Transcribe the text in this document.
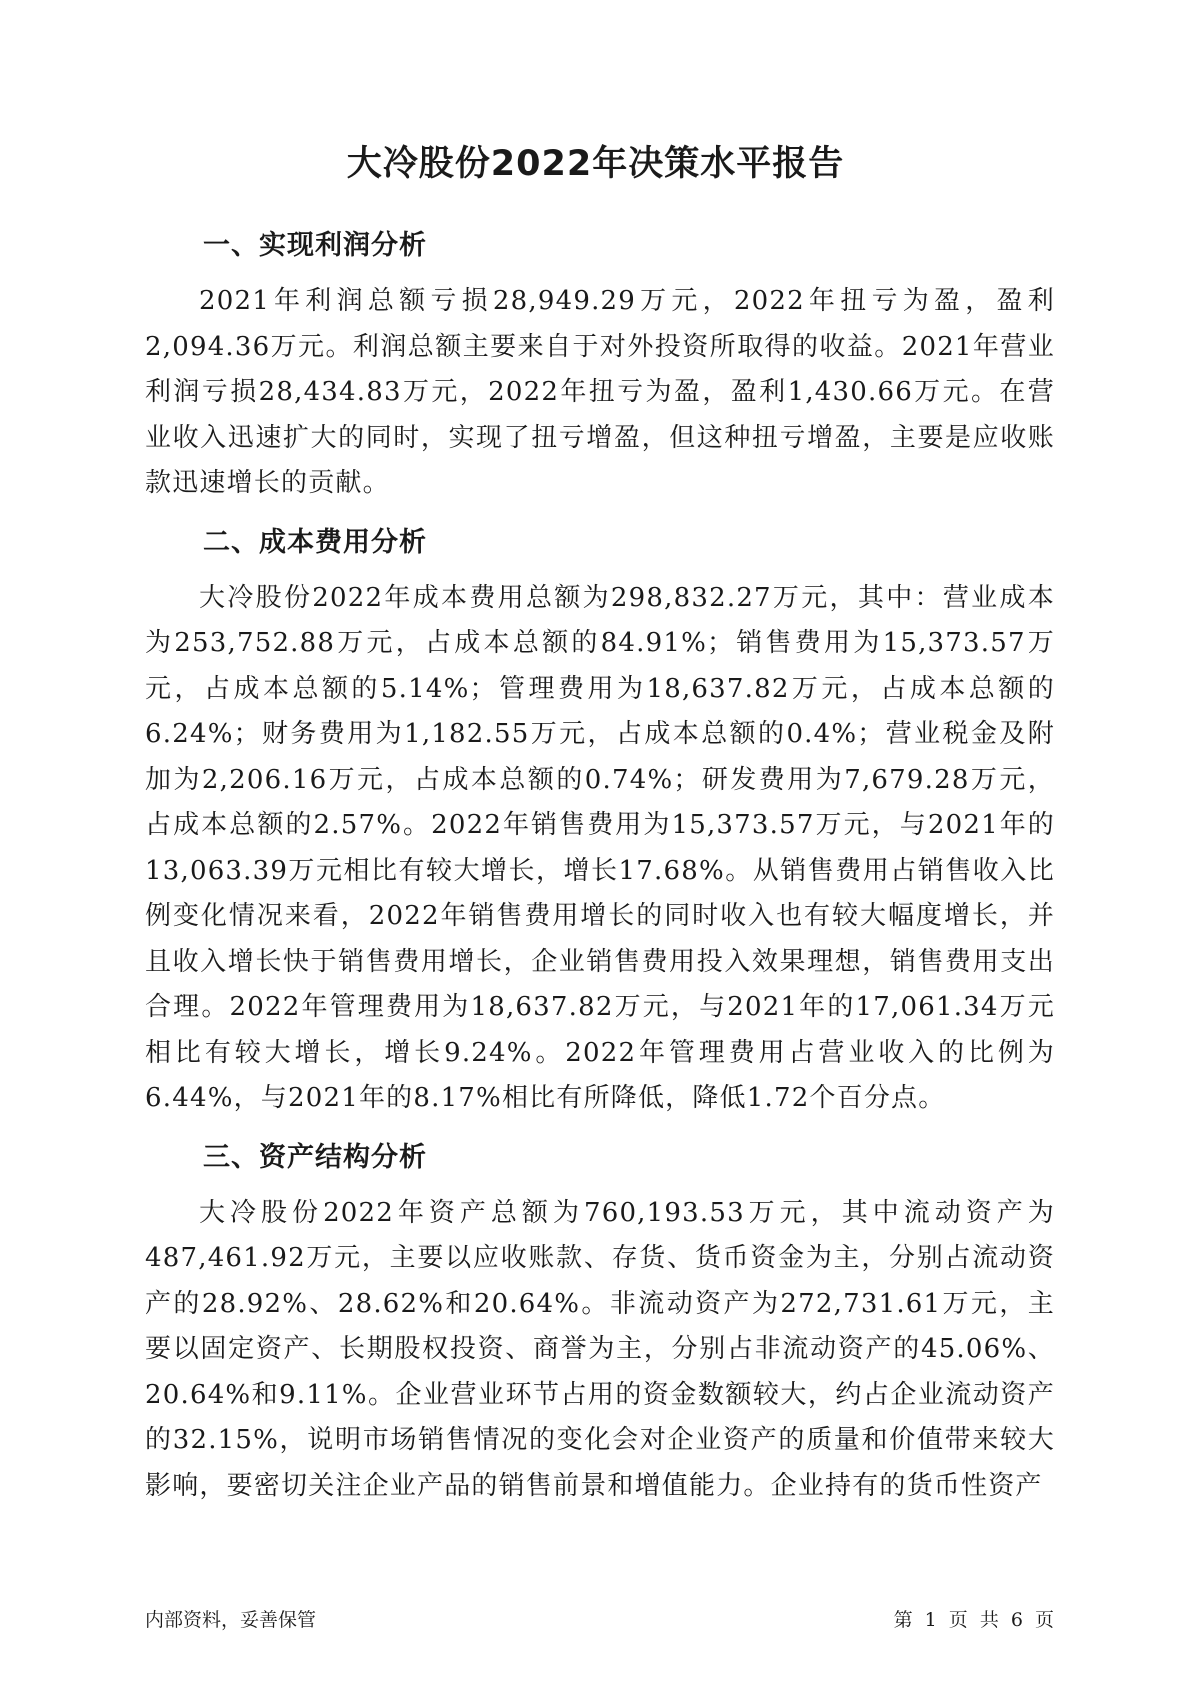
大冷股份2022年决策水平报告
一、实现利润分析

2021年利润总额亏损28,949.29万元，2022年扭亏为盈，盈利2,094.36万元。利润总额主要来自于对外投资所取得的收益。2021年营业利润亏损28,434.83万元，2022年扭亏为盈，盈利1,430.66万元。在营业收入迅速扩大的同时，实现了扭亏增盈，但这种扭亏增盈，主要是应收账款迅速增长的贡献。

二、成本费用分析

大冷股份2022年成本费用总额为298,832.27万元，其中：营业成本为253,752.88万元，占成本总额的84.91%；销售费用为15,373.57万元，占成本总额的5.14%；管理费用为18,637.82万元，占成本总额的6.24%；财务费用为1,182.55万元，占成本总额的0.4%；营业税金及附加为2,206.16万元，占成本总额的0.74%；研发费用为7,679.28万元，占成本总额的2.57%。2022年销售费用为15,373.57万元，与2021年的13,063.39万元相比有较大增长，增长17.68%。从销售费用占销售收入比例变化情况来看，2022年销售费用增长的同时收入也有较大幅度增长，并且收入增长快于销售费用增长，企业销售费用投入效果理想，销售费用支出合理。2022年管理费用为18,637.82万元，与2021年的17,061.34万元相比有较大增长，增长9.24%。2022年管理费用占营业收入的比例为6.44%，与2021年的8.17%相比有所降低，降低1.72个百分点。

三、资产结构分析

大冷股份2022年资产总额为760,193.53万元，其中流动资产为487,461.92万元，主要以应收账款、存货、货币资金为主，分别占流动资产的28.92%、28.62%和20.64%。非流动资产为272,731.61万元，主要以固定资产、长期股权投资、商誉为主，分别占非流动资产的45.06%、20.64%和9.11%。企业营业环节占用的资金数额较大，约占企业流动资产的32.15%，说明市场销售情况的变化会对企业资产的质量和价值带来较大影响，要密切关注企业产品的销售前景和增值能力。企业持有的货币性资产

内部资料，妥善保管	第 1 页 共 6 页
